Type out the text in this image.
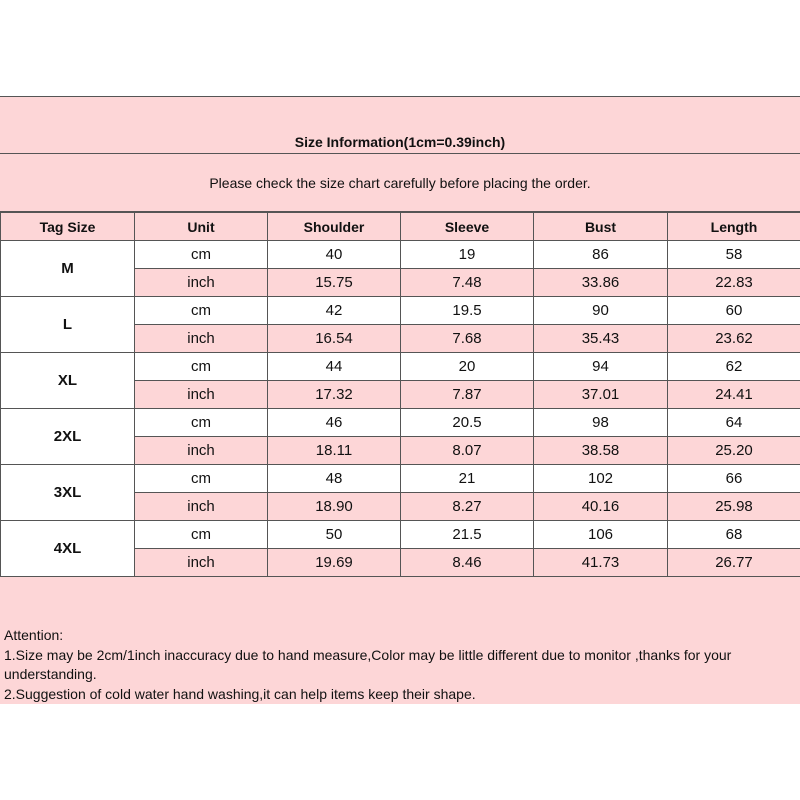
Size Information(1cm=0.39inch)
Please check the size chart carefully before placing the order.
Tag Size	Unit	Shoulder	Sleeve	Bust	Length
M	cm	40	19	86	58
	inch	15.75	7.48	33.86	22.83
L	cm	42	19.5	90	60
	inch	16.54	7.68	35.43	23.62
XL	cm	44	20	94	62
	inch	17.32	7.87	37.01	24.41
2XL	cm	46	20.5	98	64
	inch	18.11	8.07	38.58	25.20
3XL	cm	48	21	102	66
	inch	18.90	8.27	40.16	25.98
4XL	cm	50	21.5	106	68
	inch	19.69	8.46	41.73	26.77
Attention:
1.Size may be 2cm/1inch inaccuracy due to hand measure,Color may be little different due to monitor ,thanks for your understanding.
2.Suggestion of cold water hand washing,it can help items keep their shape.
